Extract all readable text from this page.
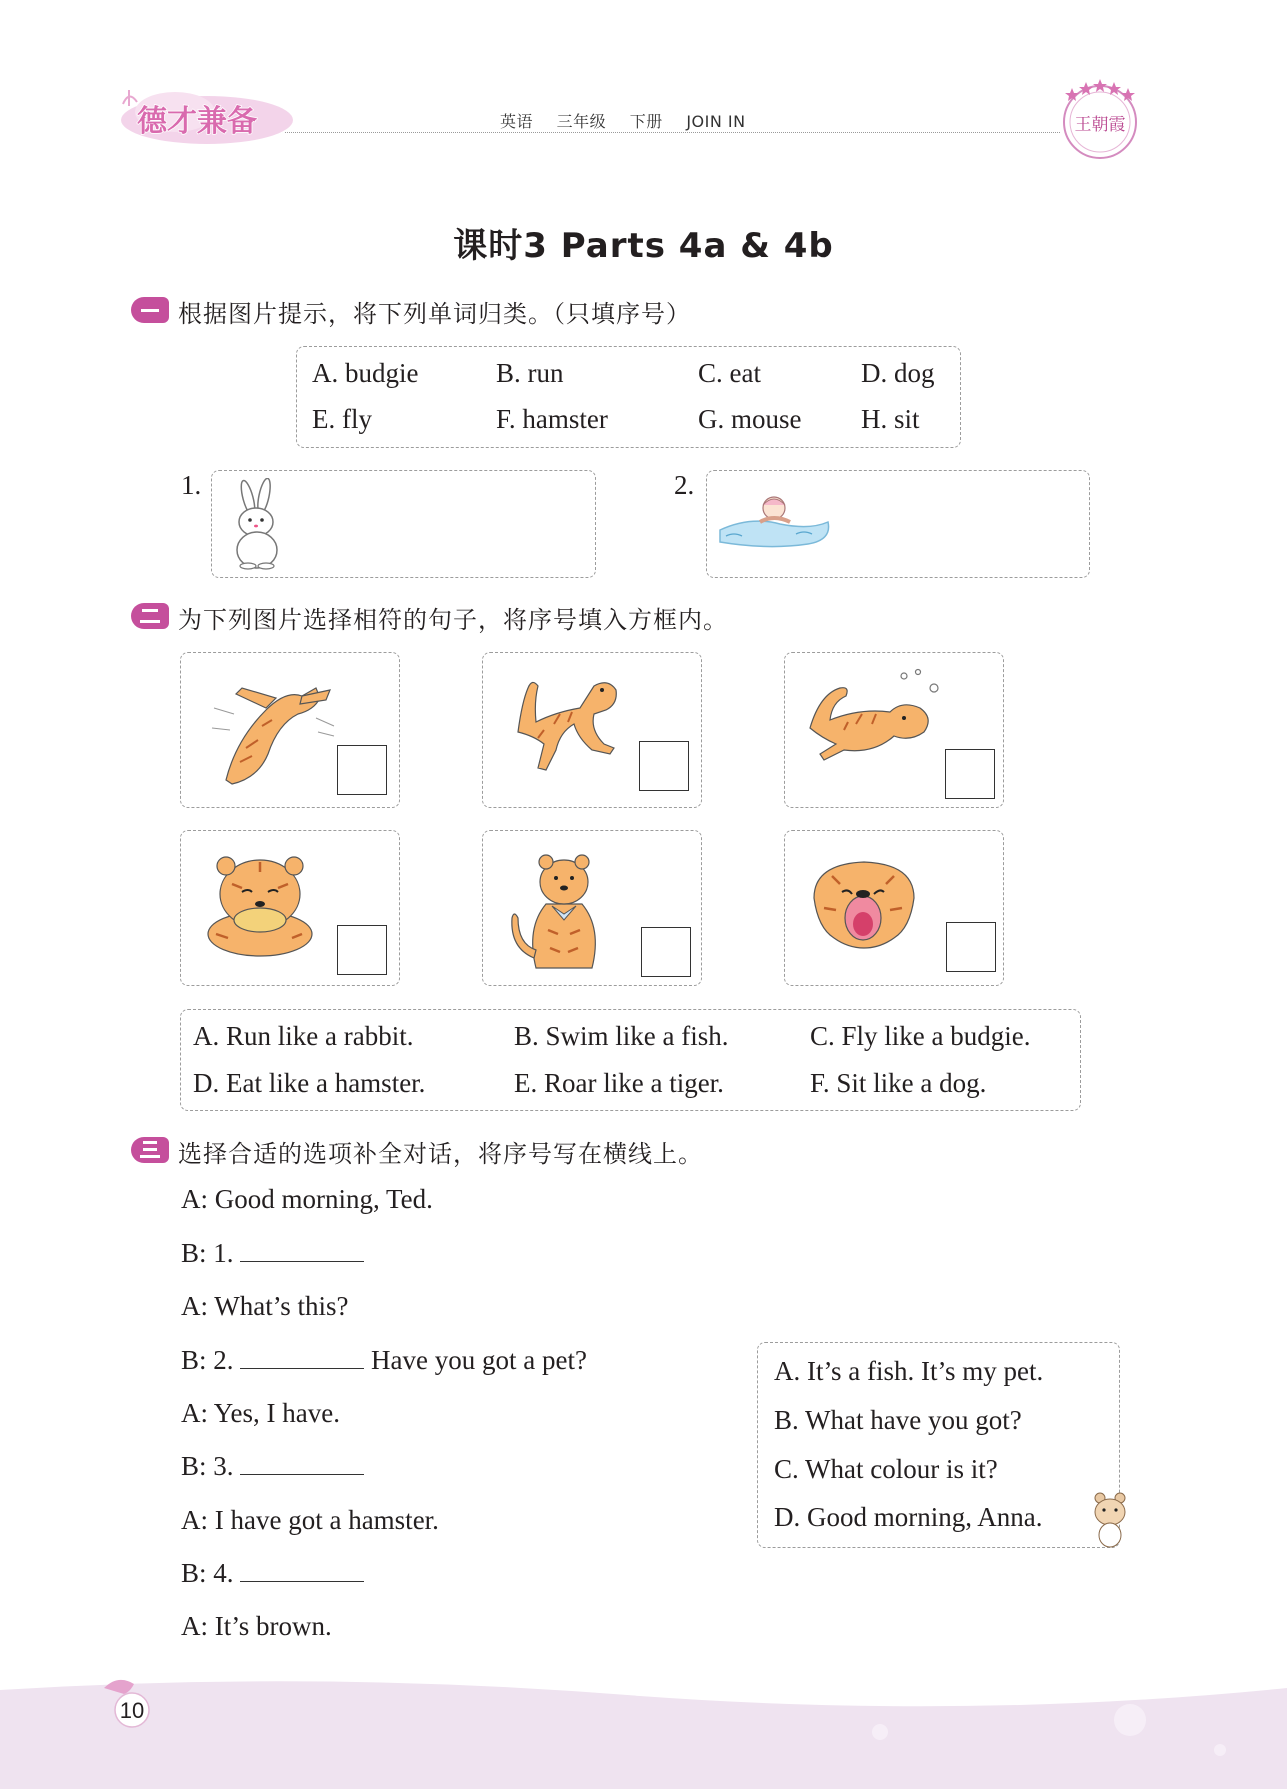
德才兼备	英语 三年级 下册 JOIN IN	王朝霞
课时3 Parts 4a & 4b
根据图片提示，将下列单词归类。（只填序号）
A. budgie	B. run	C. eat	D. dog
E. fly	F. hamster	G. mouse H. sit
1.	2.
为下列图片选择相符的句子，将序号填入方框内。
A. Run like a rabbit.	B. Swim like a fish.	C. Fly like a budgie.
D. Eat like a hamster.	E. Roar like a tiger.	F. Sit like a dog.
选择合适的选项补全对话，将序号写在横线上。
A: Good morning, Ted.
B: 1.
A: What’s this?
B: 2.	Have you got a pet?
A: Yes, I have.
B: 3.
A: I have got a hamster.
B: 4.
A: It’s brown.
A. It’s a fish. It’s my pet.
B. What have you got?
C. What colour is it?
D. Good morning, Anna.
10
